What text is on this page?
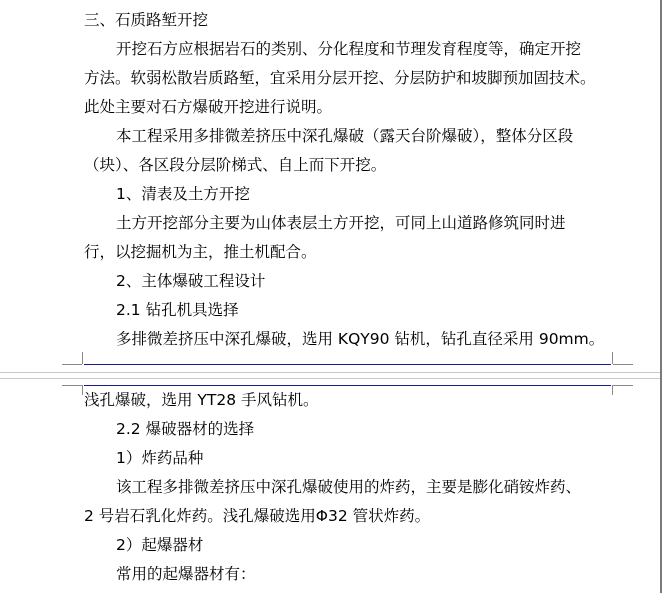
三、石质路堑开挖
开挖石方应根据岩石的类别、分化程度和节理发育程度等，确定开挖
方法。软弱松散岩质路堑，宜采用分层开挖、分层防护和坡脚预加固技术。
此处主要对石方爆破开挖进行说明。
本工程采用多排微差挤压中深孔爆破（露天台阶爆破），整体分区段
（块）、各区段分层阶梯式、自上而下开挖。
1、清表及土方开挖
土方开挖部分主要为山体表层土方开挖，可同上山道路修筑同时进
行，以挖掘机为主，推土机配合。
2、主体爆破工程设计
2.1 钻孔机具选择
多排微差挤压中深孔爆破，选用 KQY90 钻机，钻孔直径采用 90mm。
浅孔爆破，选用 YT28 手风钻机。
2.2 爆破器材的选择
1）炸药品种
该工程多排微差挤压中深孔爆破使用的炸药，主要是膨化硝铵炸药、
2 号岩石乳化炸药。浅孔爆破选用Φ32 管状炸药。
2）起爆器材
常用的起爆器材有：
